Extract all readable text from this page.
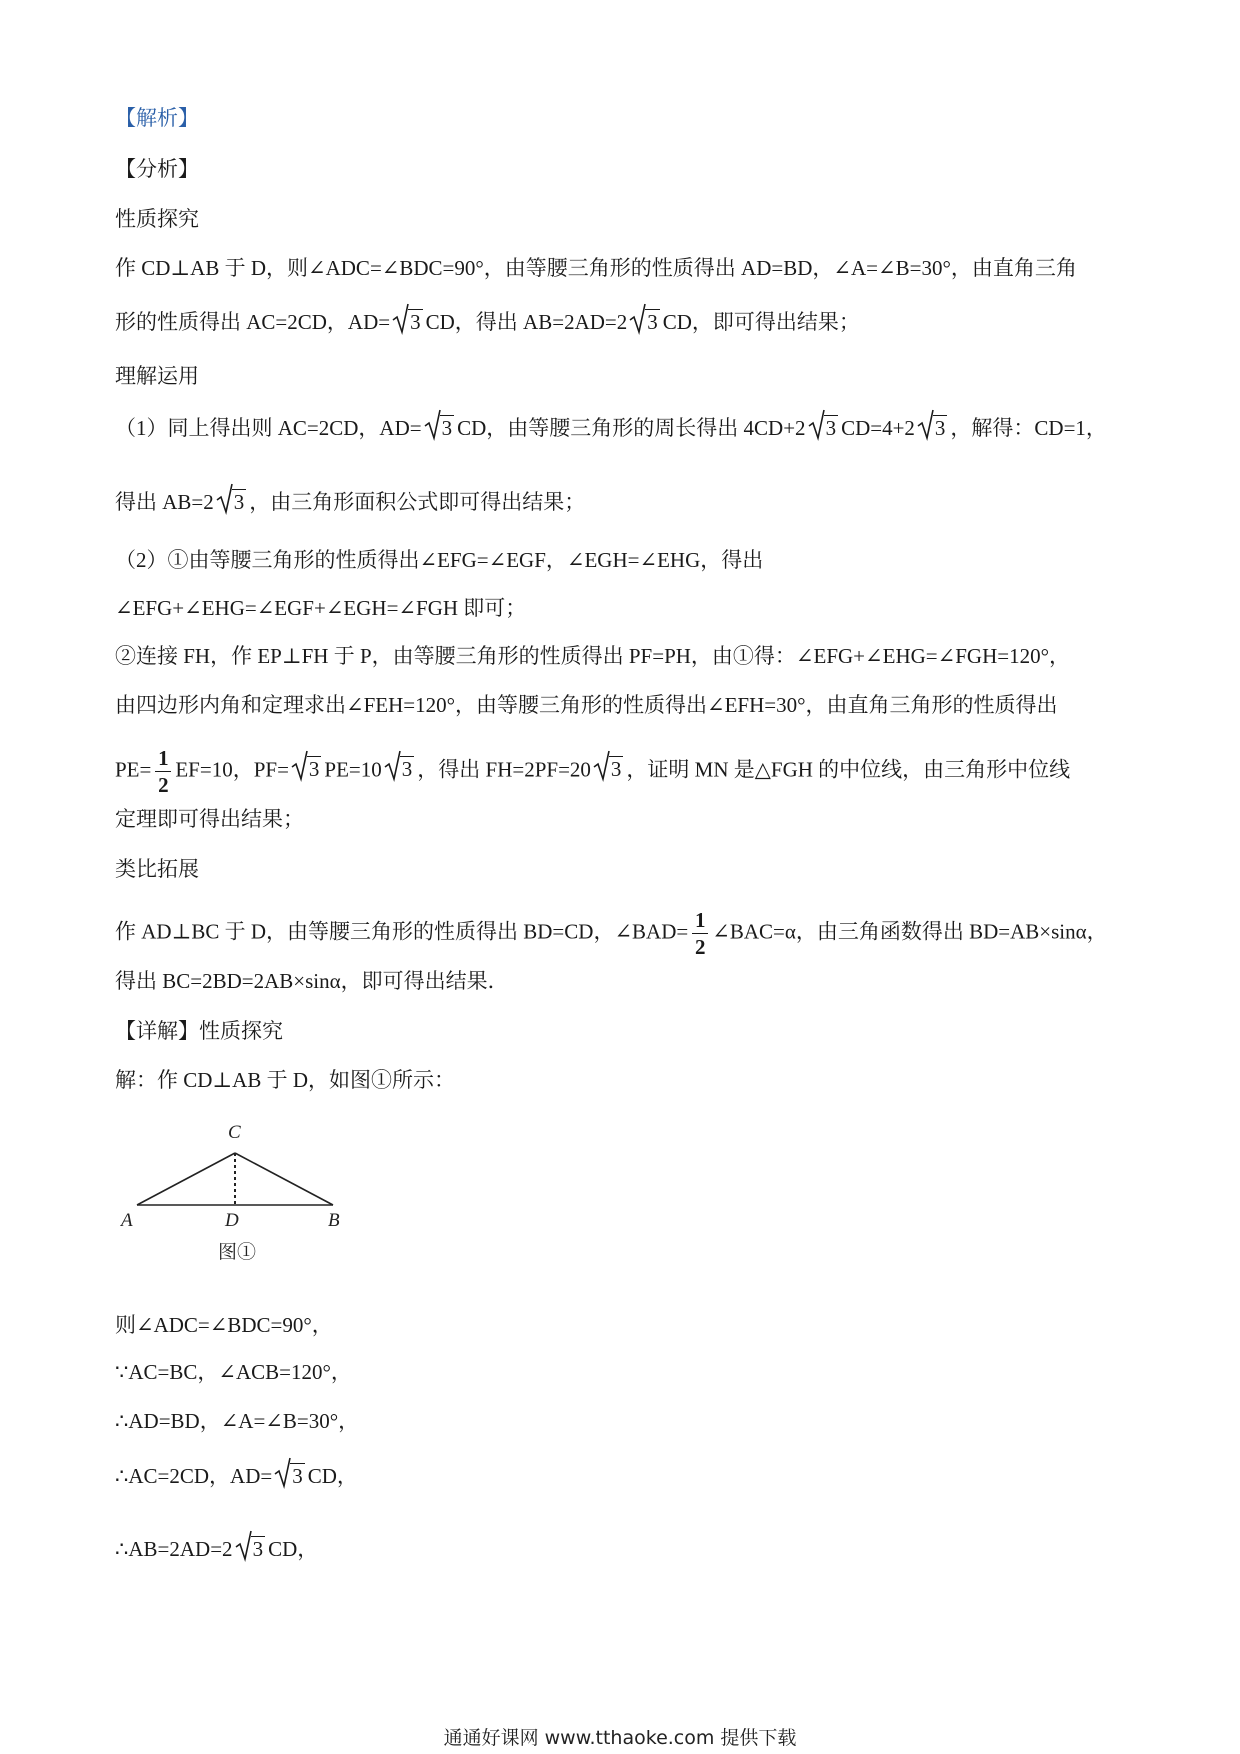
【解析】
【分析】
性质探究
作 CD⊥AB 于 D，则∠ADC=∠BDC=90°，由等腰三角形的性质得出 AD=BD，∠A=∠B=30°，由直角三角
形的性质得出 AC=2CD，AD= 3 CD，得出 AB=2AD=2 3 CD，即可得出结果；
理解运用
（1）同上得出则 AC=2CD，AD= 3 CD，由等腰三角形的周长得出 4CD+2 3 CD=4+2 3 ，解得：CD=1，
得出 AB=2 3 ，由三角形面积公式即可得出结果；
（2）①由等腰三角形的性质得出∠EFG=∠EGF，∠EGH=∠EHG，得出
∠EFG+∠EHG=∠EGF+∠EGH=∠FGH 即可；
②连接 FH，作 EP⊥FH 于 P，由等腰三角形的性质得出 PF=PH，由①得：∠EFG+∠EHG=∠FGH=120°，
由四边形内角和定理求出∠FEH=120°，由等腰三角形的性质得出∠EFH=30°，由直角三角形的性质得出
$PE= \frac{1}{2} EF=10$，PF= 3 PE=10 3 ，得出 FH=2PF=20 3 ，证明 MN 是△FGH 的中位线，由三角形中位线
定理即可得出结果；
类比拓展
作 AD⊥BC 于 D，由等腰三角形的性质得出 BD=CD，∠BAD= $\frac{1}{2}$ ∠BAC=α，由三角函数得出 BD=AB×sinα，
得出 BC=2BD=2AB×sinα，即可得出结果．
【详解】性质探究
解：作 CD⊥AB 于 D，如图①所示：
C
A	D	B
图①
则∠ADC=∠BDC=90°，
∵AC=BC，∠ACB=120°，
∴AD=BD，∠A=∠B=30°，
∴AC=2CD，AD= 3 CD，
∴AB=2AD=2 3 CD，
通通好课网 www.tthaoke.com 提供下载
